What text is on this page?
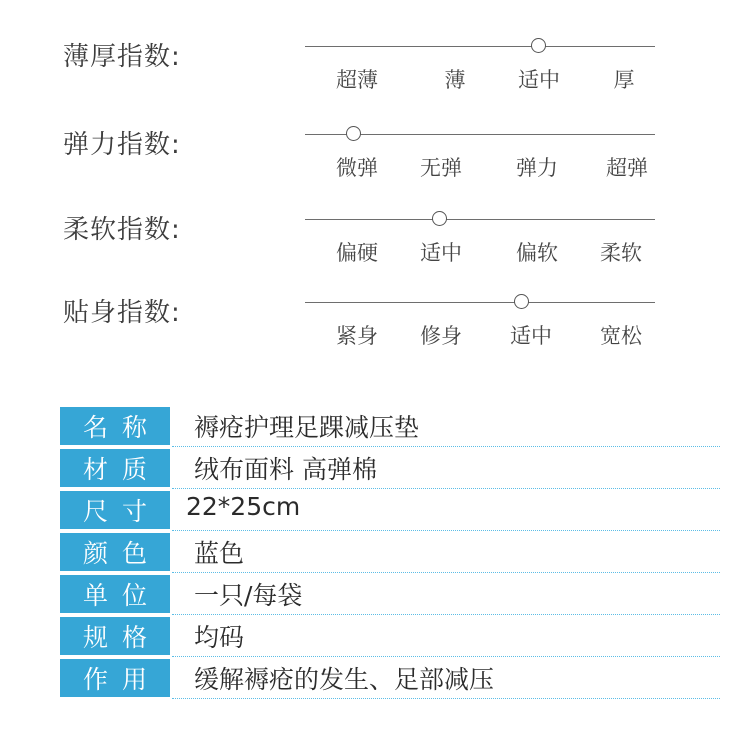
薄厚指数:
超薄	薄	适中	厚
弹力指数:
微弹 无弹	弹力 超弹
柔软指数:
偏硬 适中	偏软 柔软
贴身指数:
紧身 修身 适中 宽松
名称	褥疮护理足踝减压垫
材质	绒布面料 高弹棉
尺寸	22*25cm
颜色	蓝色
单位	一只/每袋
规格	均码
作用	缓解褥疮的发生、足部减压
